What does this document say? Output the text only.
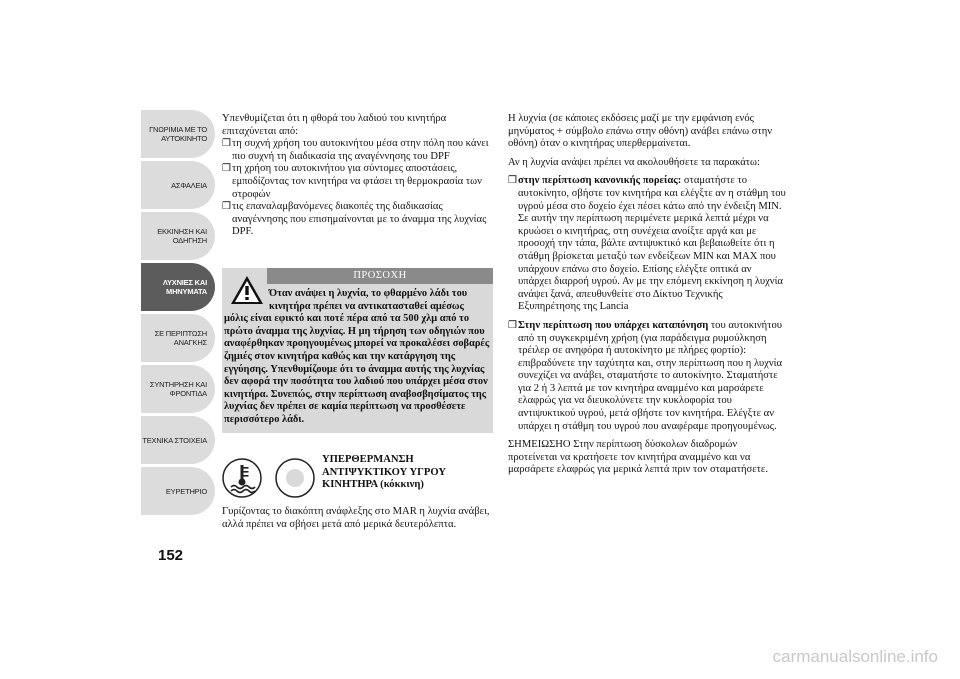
ΓΝΩΡΙΜΙΑ ΜΕ ΤΟ ΑΥΤΟΚΙΝΗΤΟ
ΑΣΦΑΛΕΙΑ
ΕΚΚΙΝΗΣΗ ΚΑΙ ΟΔΗΓΗΣΗ
ΛΥΧΝΙΕΣ ΚΑΙ ΜΗΝΥΜΑΤΑ
ΣΕ ΠΕΡΙΠΤΩΣΗ ΑΝΑΓΚΗΣ
ΣΥΝΤΗΡΗΣΗ ΚΑΙ ΦΡΟΝΤΙΔΑ
ΤΕΧΝΙΚΑ ΣΤΟΙΧΕΙΑ
ΕΥΡΕΤΗΡΙΟ
152

Υπενθυμίζεται ότι η φθορά του λαδιού του κινητήρα επιταχύνεται από:

❒ τη συχνή χρήση του αυτοκινήτου μέσα στην πόλη που κάνει πιο συχνή τη διαδικασία της αναγέννησης του DPF
❒ τη χρήση του αυτοκινήτου για σύντομες αποστάσεις, εμποδίζοντας τον κινητήρα να φτάσει τη θερμοκρασία των στροφών
❒ τις επαναλαμβανόμενες διακοπές της διαδικασίας αναγέννησης που επισημαίνονται με το άναμμα της λυχνίας DPF.
ΠΡΟΣΟΧΗ
Όταν ανάψει η λυχνία, το φθαρμένο λάδι του κινητήρα πρέπει να αντικατασταθεί αμέσως
μόλις είναι εφικτό και ποτέ πέρα από τα 500 χλμ από το πρώτο άναμμα της λυχνίας. Η μη τήρηση των οδηγιών που αναφέρθηκαν προηγουμένως μπορεί να προκαλέσει σοβαρές ζημιές στον κινητήρα καθώς και την κατάργηση της εγγύησης. Υπενθυμίζουμε ότι το άναμμα αυτής της λυχνίας δεν αφορά την ποσότητα του λαδιού που υπάρχει μέσα στον κινητήρα. Συνεπώς, στην περίπτωση αναβοσβησίματος της λυχνίας δεν πρέπει σε καμία περίπτωση να προσθέσετε περισσότερο λάδι.
ΥΠΕΡΘΕΡΜΑΝΣΗ ΑΝΤΙΨΥΚΤΙΚΟΥ ΥΓΡΟΥ ΚΙΝΗΤΗΡΑ (κόκκινη)
Γυρίζοντας το διακόπτη ανάφλεξης στο MAR η λυχνία ανάβει, αλλά πρέπει να σβήσει μετά από μερικά δευτερόλεπτα.

Η λυχνία (σε κάποιες εκδόσεις μαζί με την εμφάνιση ενός μηνύματος + σύμβολο επάνω στην οθόνη) ανάβει επάνω στην οθόνη) όταν ο κινητήρας υπερθερμαίνεται.

Αν η λυχνία ανάψει πρέπει να ακολουθήσετε τα παρακάτω:

❒ στην περίπτωση κανονικής πορείας: σταματήστε το αυτοκίνητο, σβήστε τον κινητήρα και ελέγξτε αν η στάθμη του υγρού μέσα στο δοχείο έχει πέσει κάτω από την ένδειξη MIN. Σε αυτήν την περίπτωση περιμένετε μερικά λεπτά μέχρι να κρυώσει ο κινητήρας, στη συνέχεια ανοίξτε αργά και με προσοχή την τάπα, βάλτε αντιψυκτικό και βεβαιωθείτε ότι η στάθμη βρίσκεται μεταξύ των ενδείξεων MIN και MAX που υπάρχουν επάνω στο δοχείο. Επίσης ελέγξτε οπτικά αν υπάρχει διαρροή υγρού. Αν με την επόμενη εκκίνηση η λυχνία ανάψει ξανά, απευθυνθείτε στο Δίκτυο Τεχνικής Εξυπηρέτησης της Lancia
❒ Στην περίπτωση που υπάρχει καταπόνηση του αυτοκινήτου από τη συγκεκριμένη χρήση (για παράδειγμα ρυμούλκηση τρέιλερ σε ανηφόρα ή αυτοκίνητο με πλήρες φορτίο): επιβραδύνετε την ταχύτητα και, στην περίπτωση που η λυχνία συνεχίζει να ανάβει, σταματήστε το αυτοκίνητο. Σταματήστε για 2 ή 3 λεπτά με τον κινητήρα αναμμένο και μαρσάρετε ελαφρώς για να διευκολύνετε την κυκλοφορία του αντιψυκτικού υγρού, μετά σβήστε τον κινητήρα. Ελέγξτε αν υπάρχει η στάθμη του υγρού που αναφέραμε προηγουμένως.

ΣΗΜΕΙΩΣΗΟ Στην περίπτωση δύσκολων διαδρομών προτείνεται να κρατήσετε τον κινητήρα αναμμένο και να μαρσάρετε ελαφρώς για μερικά λεπτά πριν τον σταματήσετε.

carmanualsonline.info
